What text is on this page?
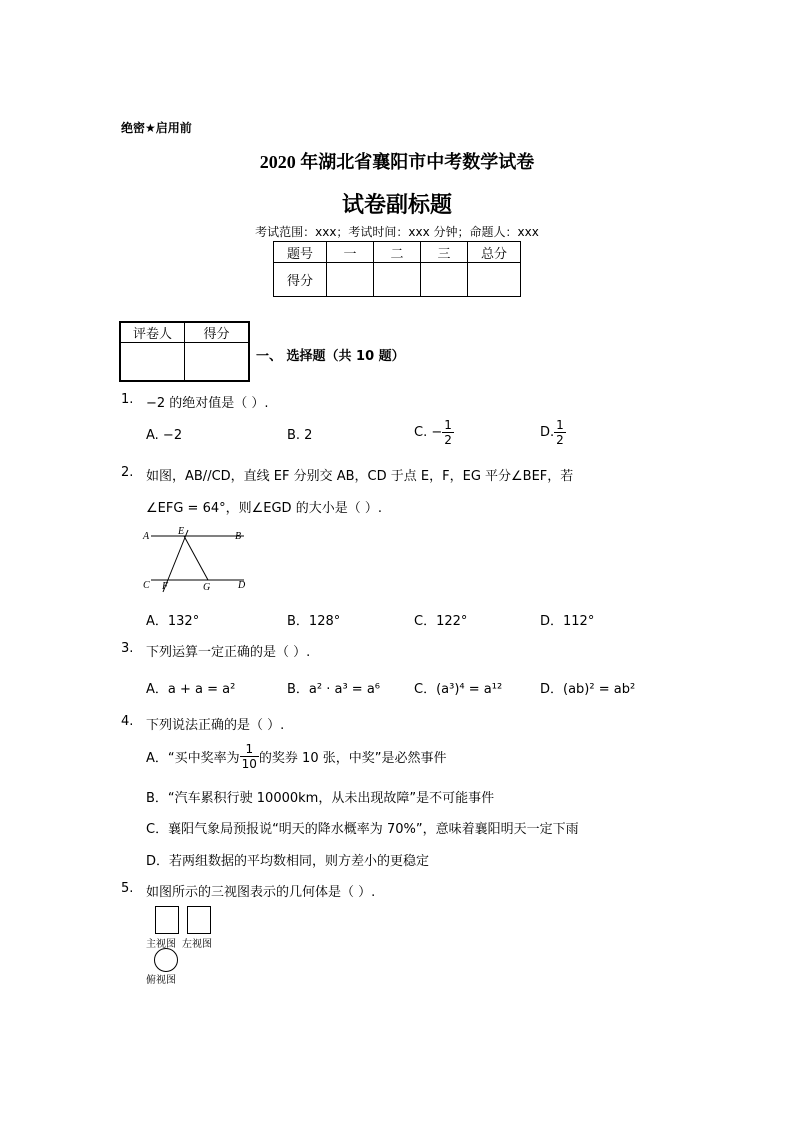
绝密★启用前
2020 年湖北省襄阳市中考数学试卷
试卷副标题
考试范围：xxx；考试时间：xxx 分钟；命题人：xxx
题号	一	二	三	总分
得分				
评卷人	得分

一、 选择题（共 10 题）
1. −2 的绝对值是（ ）.
A. −2	B. 2	C. − $\frac{1}{2}$	D. $\frac{1}{2}$
2. 如图，AB//CD，直线 EF 分别交 AB，CD 于点 E，F，EG 平分∠BEF，若
∠EFG = 64°，则∠EGD 的大小是（ ）.
A	E	B
C F	G	D
A．132°	B．128°	C．122°	D．112°
3. 下列运算一定正确的是（ ）.
A．a + a = a²	B．a² · a³ = a⁶	C．(a³)⁴ = a¹²	D．(ab)² = ab²
4. 下列说法正确的是（ ）.
A．“买中奖率为 $\frac{1}{10}$ 的奖券 10 张，中奖”是必然事件
B．“汽车累积行驶 10000km，从未出现故障”是不可能事件
C．襄阳气象局预报说“明天的降水概率为 70%”，意味着襄阳明天一定下雨
D．若两组数据的平均数相同，则方差小的更稳定
5. 如图所示的三视图表示的几何体是（ ）.
主视图 左视图
俯视图
